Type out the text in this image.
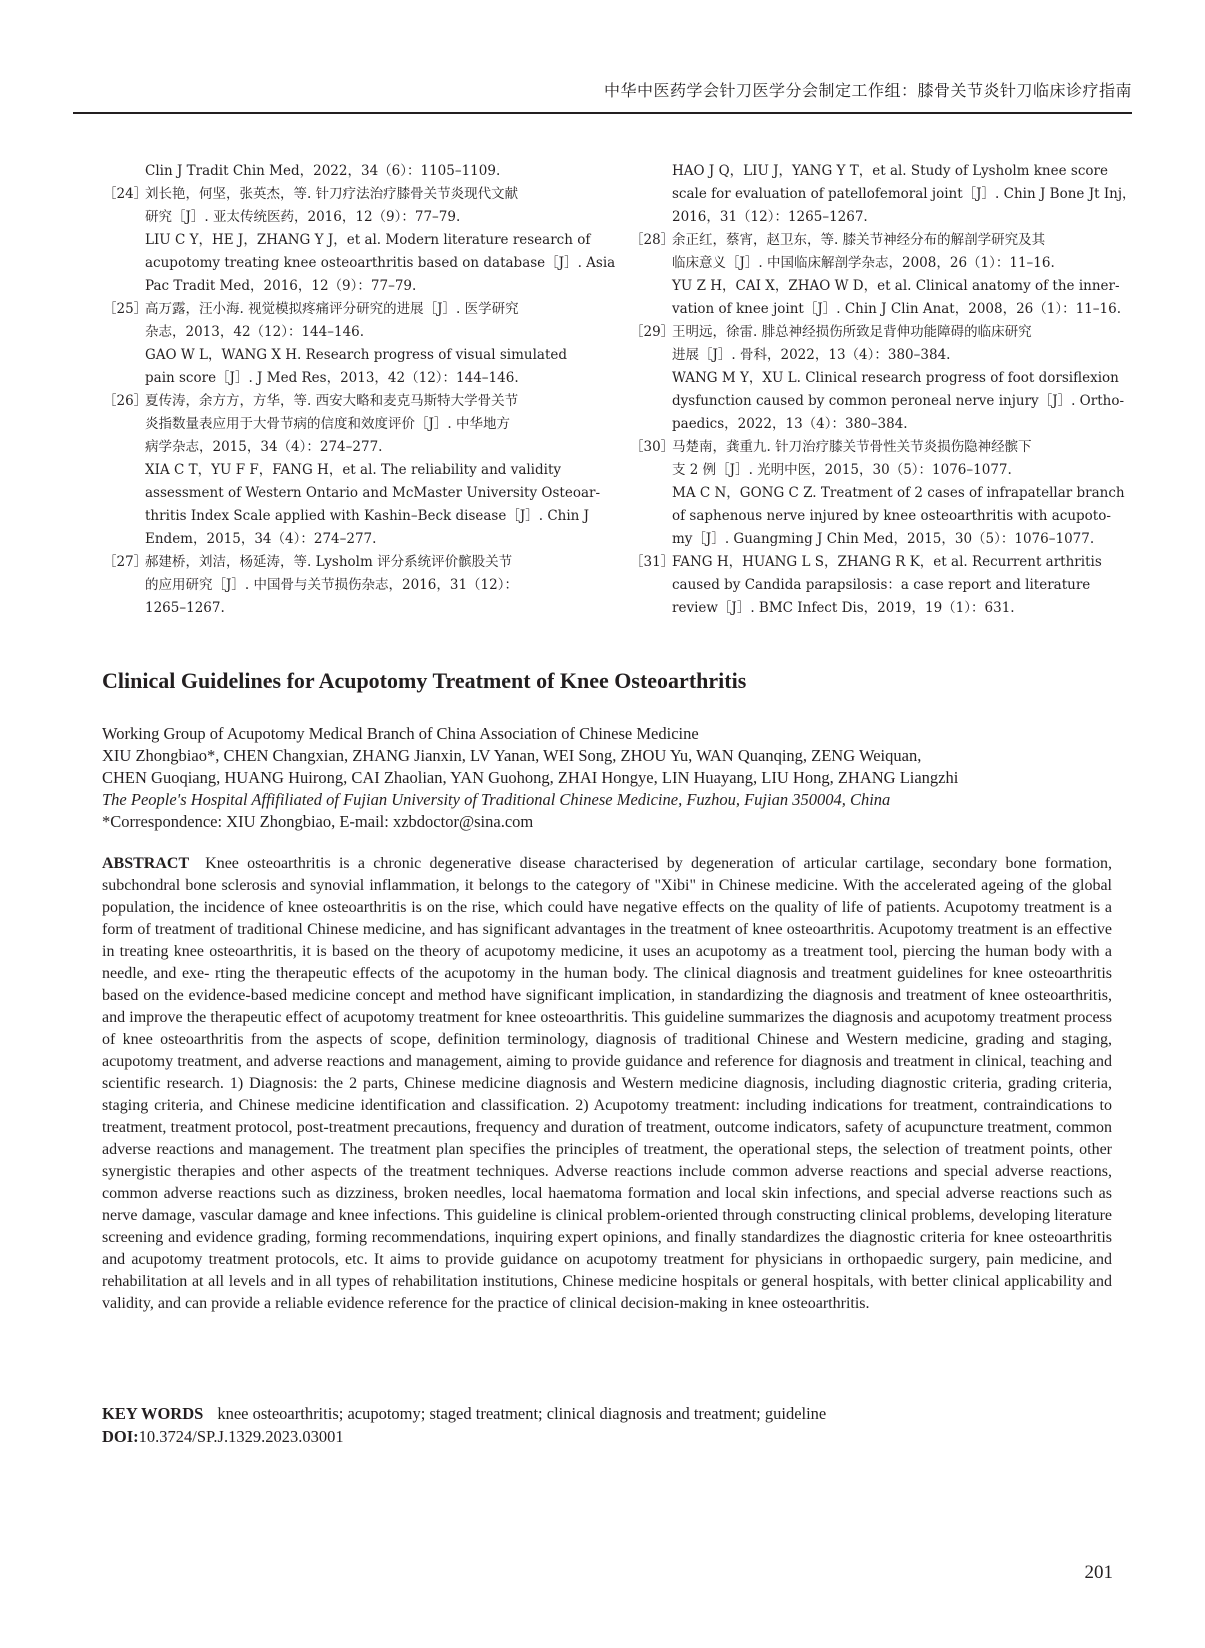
中华中医药学会针刀医学分会制定工作组：膝骨关节炎针刀临床诊疗指南
Clin J Tradit Chin Med，2022，34（6）：1105–1109.
［24］
刘长艳，何坚，张英杰，等. 针刀疗法治疗膝骨关节炎现代文献
研究［J］. 亚太传统医药，2016，12（9）：77–79.
LIU C Y，HE J，ZHANG Y J，et al. Modern literature research of
acupotomy treating knee osteoarthritis based on database［J］. Asia
Pac Tradit Med，2016，12（9）：77–79.
［25］
高万露，汪小海. 视觉模拟疼痛评分研究的进展［J］. 医学研究
杂志，2013，42（12）：144–146.
GAO W L，WANG X H. Research progress of visual simulated
pain score［J］. J Med Res，2013，42（12）：144–146.
［26］
夏传涛，余方方，方华，等. 西安大略和麦克马斯特大学骨关节
炎指数量表应用于大骨节病的信度和效度评价［J］. 中华地方
病学杂志，2015，34（4）：274–277.
XIA C T，YU F F，FANG H，et al. The reliability and validity
assessment of Western Ontario and McMaster University Osteoar-
thritis Index Scale applied with Kashin–Beck disease［J］. Chin J
Endem，2015，34（4）：274–277.
［27］
郝建桥，刘洁，杨延涛，等. Lysholm 评分系统评价髌股关节
的应用研究［J］. 中国骨与关节损伤杂志，2016，31（12）：
1265–1267.
HAO J Q，LIU J，YANG Y T，et al. Study of Lysholm knee score
scale for evaluation of patellofemoral joint［J］. Chin J Bone Jt Inj，
2016，31（12）：1265–1267.
［28］
余正红，蔡宵，赵卫东，等. 膝关节神经分布的解剖学研究及其
临床意义［J］. 中国临床解剖学杂志，2008，26（1）：11–16.
YU Z H，CAI X，ZHAO W D，et al. Clinical anatomy of the inner-
vation of knee joint［J］. Chin J Clin Anat，2008，26（1）：11–16.
［29］
王明远，徐雷. 腓总神经损伤所致足背伸功能障碍的临床研究
进展［J］. 骨科，2022，13（4）：380–384.
WANG M Y，XU L. Clinical research progress of foot dorsiflexion
dysfunction caused by common peroneal nerve injury［J］. Ortho-
paedics，2022，13（4）：380–384.
［30］
马楚南，龚重九. 针刀治疗膝关节骨性关节炎损伤隐神经髌下
支 2 例［J］. 光明中医，2015，30（5）：1076–1077.
MA C N，GONG C Z. Treatment of 2 cases of infrapatellar branch
of saphenous nerve injured by knee osteoarthritis with acupoto-
my［J］. Guangming J Chin Med，2015，30（5）：1076–1077.
［31］
FANG H，HUANG L S，ZHANG R K，et al. Recurrent arthritis
caused by Candida parapsilosis：a case report and literature
review［J］. BMC Infect Dis，2019，19（1）：631.
Clinical Guidelines for Acupotomy Treatment of Knee Osteoarthritis
Working Group of Acupotomy Medical Branch of China Association of Chinese Medicine
XIU Zhongbiao*, CHEN Changxian, ZHANG Jianxin, LV Yanan, WEI Song, ZHOU Yu, WAN Quanqing, ZENG Weiquan,
CHEN Guoqiang, HUANG Huirong, CAI Zhaolian, YAN Guohong, ZHAI Hongye, LIN Huayang, LIU Hong, ZHANG Liangzhi
The People's Hospital Affifiliated of Fujian University of Traditional Chinese Medicine, Fuzhou, Fujian 350004, China
*Correspondence: XIU Zhongbiao, E-mail: xzbdoctor@sina.com
ABSTRACT Knee osteoarthritis is a chronic degenerative disease characterised by degeneration of articular cartilage, secondary bone formation, subchondral bone sclerosis and synovial inflammation, it belongs to the category of "Xibi" in Chinese medicine. With the accelerated ageing of the global population, the incidence of knee osteoarthritis is on the rise, which could have negative effects on the quality of life of patients. Acupotomy treatment is a form of treatment of traditional Chinese medicine, and has significant advantages in the treatment of knee osteoarthritis. Acupotomy treatment is an effective in treating knee osteoarthritis, it is based on the theory of acupotomy medicine, it uses an acupotomy as a treatment tool, piercing the human body with a needle, and exe- rting the therapeutic effects of the acupotomy in the human body. The clinical diagnosis and treatment guidelines for knee osteoarthritis based on the evidence-based medicine concept and method have significant implication, in standardizing the diagnosis and treatment of knee osteoarthritis, and improve the therapeutic effect of acupotomy treatment for knee osteoarthritis. This guideline summarizes the diagnosis and acupotomy treatment process of knee osteoarthritis from the aspects of scope, definition terminology, diagnosis of traditional Chinese and Western medicine, grading and staging, acupotomy treatment, and adverse reactions and management, aiming to provide guidance and reference for diagnosis and treatment in clinical, teaching and scientific research. 1) Diagnosis: the 2 parts, Chinese medicine diagnosis and Western medicine diagnosis, including diagnostic criteria, grading criteria, staging criteria, and Chinese medicine identification and classification. 2) Acupotomy treatment: including indications for treatment, contraindications to treatment, treatment protocol, post-treatment precautions, frequency and duration of treatment, outcome indicators, safety of acupuncture treatment, common adverse reactions and management. The treatment plan specifies the principles of treatment, the operational steps, the selection of treatment points, other synergistic therapies and other aspects of the treatment techniques. Adverse reactions include common adverse reactions and special adverse reactions, common adverse reactions such as dizziness, broken needles, local haematoma formation and local skin infections, and special adverse reactions such as nerve damage, vascular damage and knee infections. This guideline is clinical problem-oriented through constructing clinical problems, developing literature screening and evidence grading, forming recommendations, inquiring expert opinions, and finally standardizes the diagnostic criteria for knee osteoarthritis and acupotomy treatment protocols, etc. It aims to provide guidance on acupotomy treatment for physicians in orthopaedic surgery, pain medicine, and rehabilitation at all levels and in all types of rehabilitation institutions, Chinese medicine hospitals or general hospitals, with better clinical applicability and validity, and can provide a reliable evidence reference for the practice of clinical decision-making in knee osteoarthritis.
KEY WORDS knee osteoarthritis; acupotomy; staged treatment; clinical diagnosis and treatment; guideline
DOI:10.3724/SP.J.1329.2023.03001
201
